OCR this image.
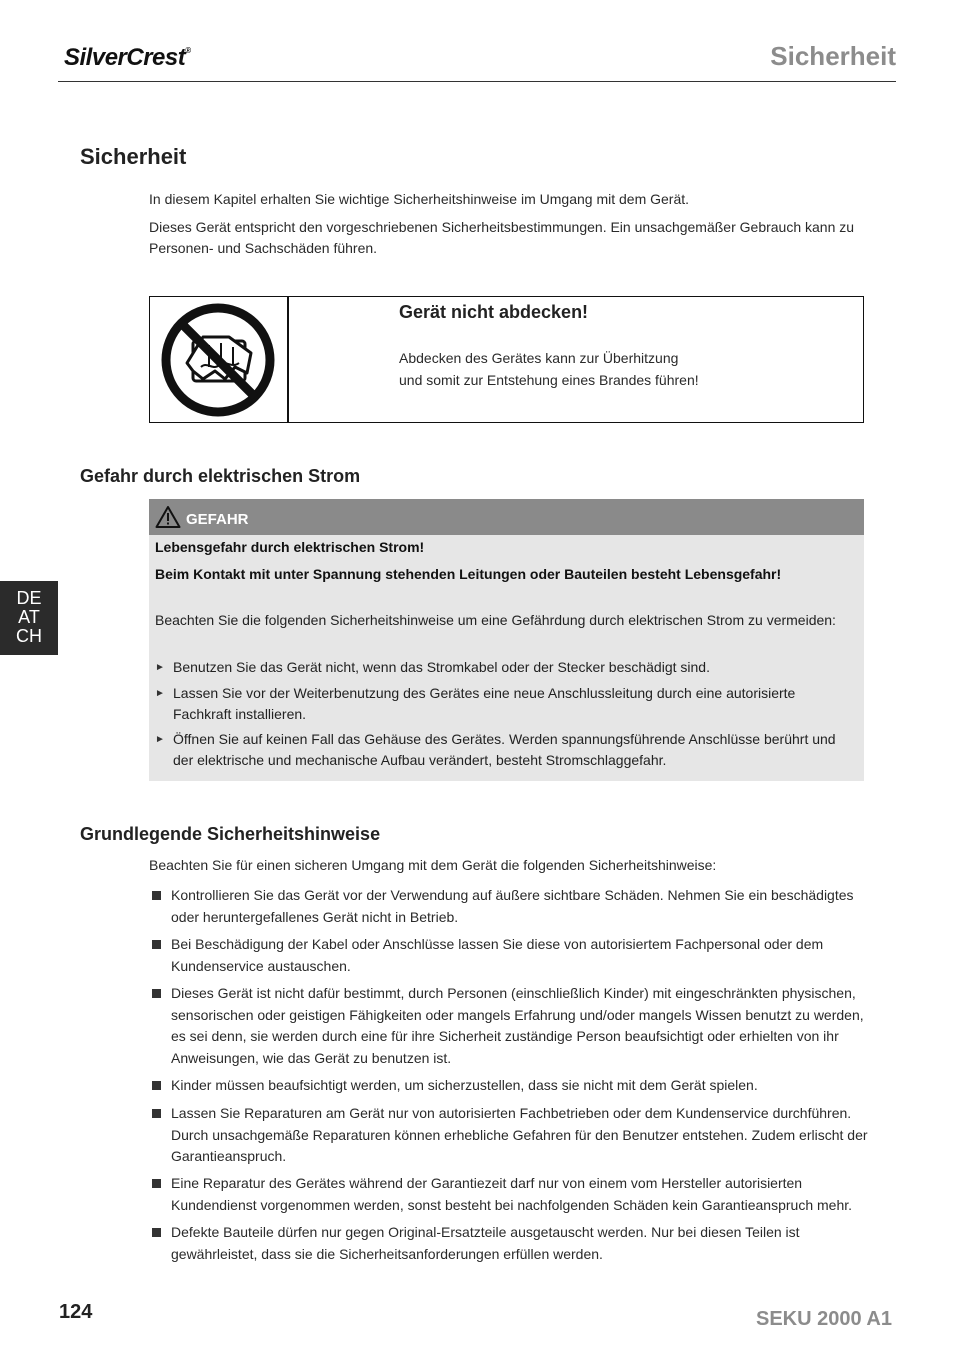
SilverCrest®	Sicherheit
Sicherheit

In diesem Kapitel erhalten Sie wichtige Sicherheitshinweise im Umgang mit dem Gerät.

Dieses Gerät entspricht den vorgeschriebenen Sicherheitsbestimmungen. Ein unsachgemäßer Gebrauch kann zu Personen- und Sachschäden führen.

Gerät nicht abdecken!
Abdecken des Gerätes kann zur Überhitzung
und somit zur Entstehung eines Brandes führen!
Gefahr durch elektrischen Strom
GEFAHR

Lebensgefahr durch elektrischen Strom!

Beim Kontakt mit unter Spannung stehenden Leitungen oder Bauteilen besteht Lebensgefahr!

Beachten Sie die folgenden Sicherheitshinweise um eine Gefährdung durch elektrischen Strom zu vermeiden:

► Benutzen Sie das Gerät nicht, wenn das Stromkabel oder der Stecker beschädigt sind.
► Lassen Sie vor der Weiterbenutzung des Gerätes eine neue Anschlussleitung durch eine autorisierte Fachkraft installieren.
► Öffnen Sie auf keinen Fall das Gehäuse des Gerätes. Werden spannungsführende Anschlüsse berührt und der elektrische und mechanische Aufbau verändert, besteht Stromschlaggefahr.
Grundlegende Sicherheitshinweise

Beachten Sie für einen sicheren Umgang mit dem Gerät die folgenden Sicherheitshinweise:

Kontrollieren Sie das Gerät vor der Verwendung auf äußere sichtbare Schäden. Nehmen Sie ein beschädigtes oder heruntergefallenes Gerät nicht in Betrieb.
Bei Beschädigung der Kabel oder Anschlüsse lassen Sie diese von autorisiertem Fachpersonal oder dem Kundenservice austauschen.
Dieses Gerät ist nicht dafür bestimmt, durch Personen (einschließlich Kinder) mit eingeschränkten physischen, sensorischen oder geistigen Fähigkeiten oder mangels Erfahrung und/oder mangels Wissen benutzt zu werden, es sei denn, sie werden durch eine für ihre Sicherheit zuständige Person beaufsichtigt oder erhielten von ihr Anweisungen, wie das Gerät zu benutzen ist.
Kinder müssen beaufsichtigt werden, um sicherzustellen, dass sie nicht mit dem Gerät spielen.
Lassen Sie Reparaturen am Gerät nur von autorisierten Fachbetrieben oder dem Kundenservice durchführen. Durch unsachgemäße Reparaturen können erhebliche Gefahren für den Benutzer entstehen. Zudem erlischt der Garantieanspruch.
Eine Reparatur des Gerätes während der Garantiezeit darf nur von einem vom Hersteller autorisierten Kundendienst vorgenommen werden, sonst besteht bei nachfolgenden Schäden kein Garantieanspruch mehr.
Defekte Bauteile dürfen nur gegen Original-Ersatzteile ausgetauscht werden. Nur bei diesen Teilen ist gewährleistet, dass sie die Sicherheitsanforderungen erfüllen werden.
DE
AT
CH
124	SEKU 2000 A1
